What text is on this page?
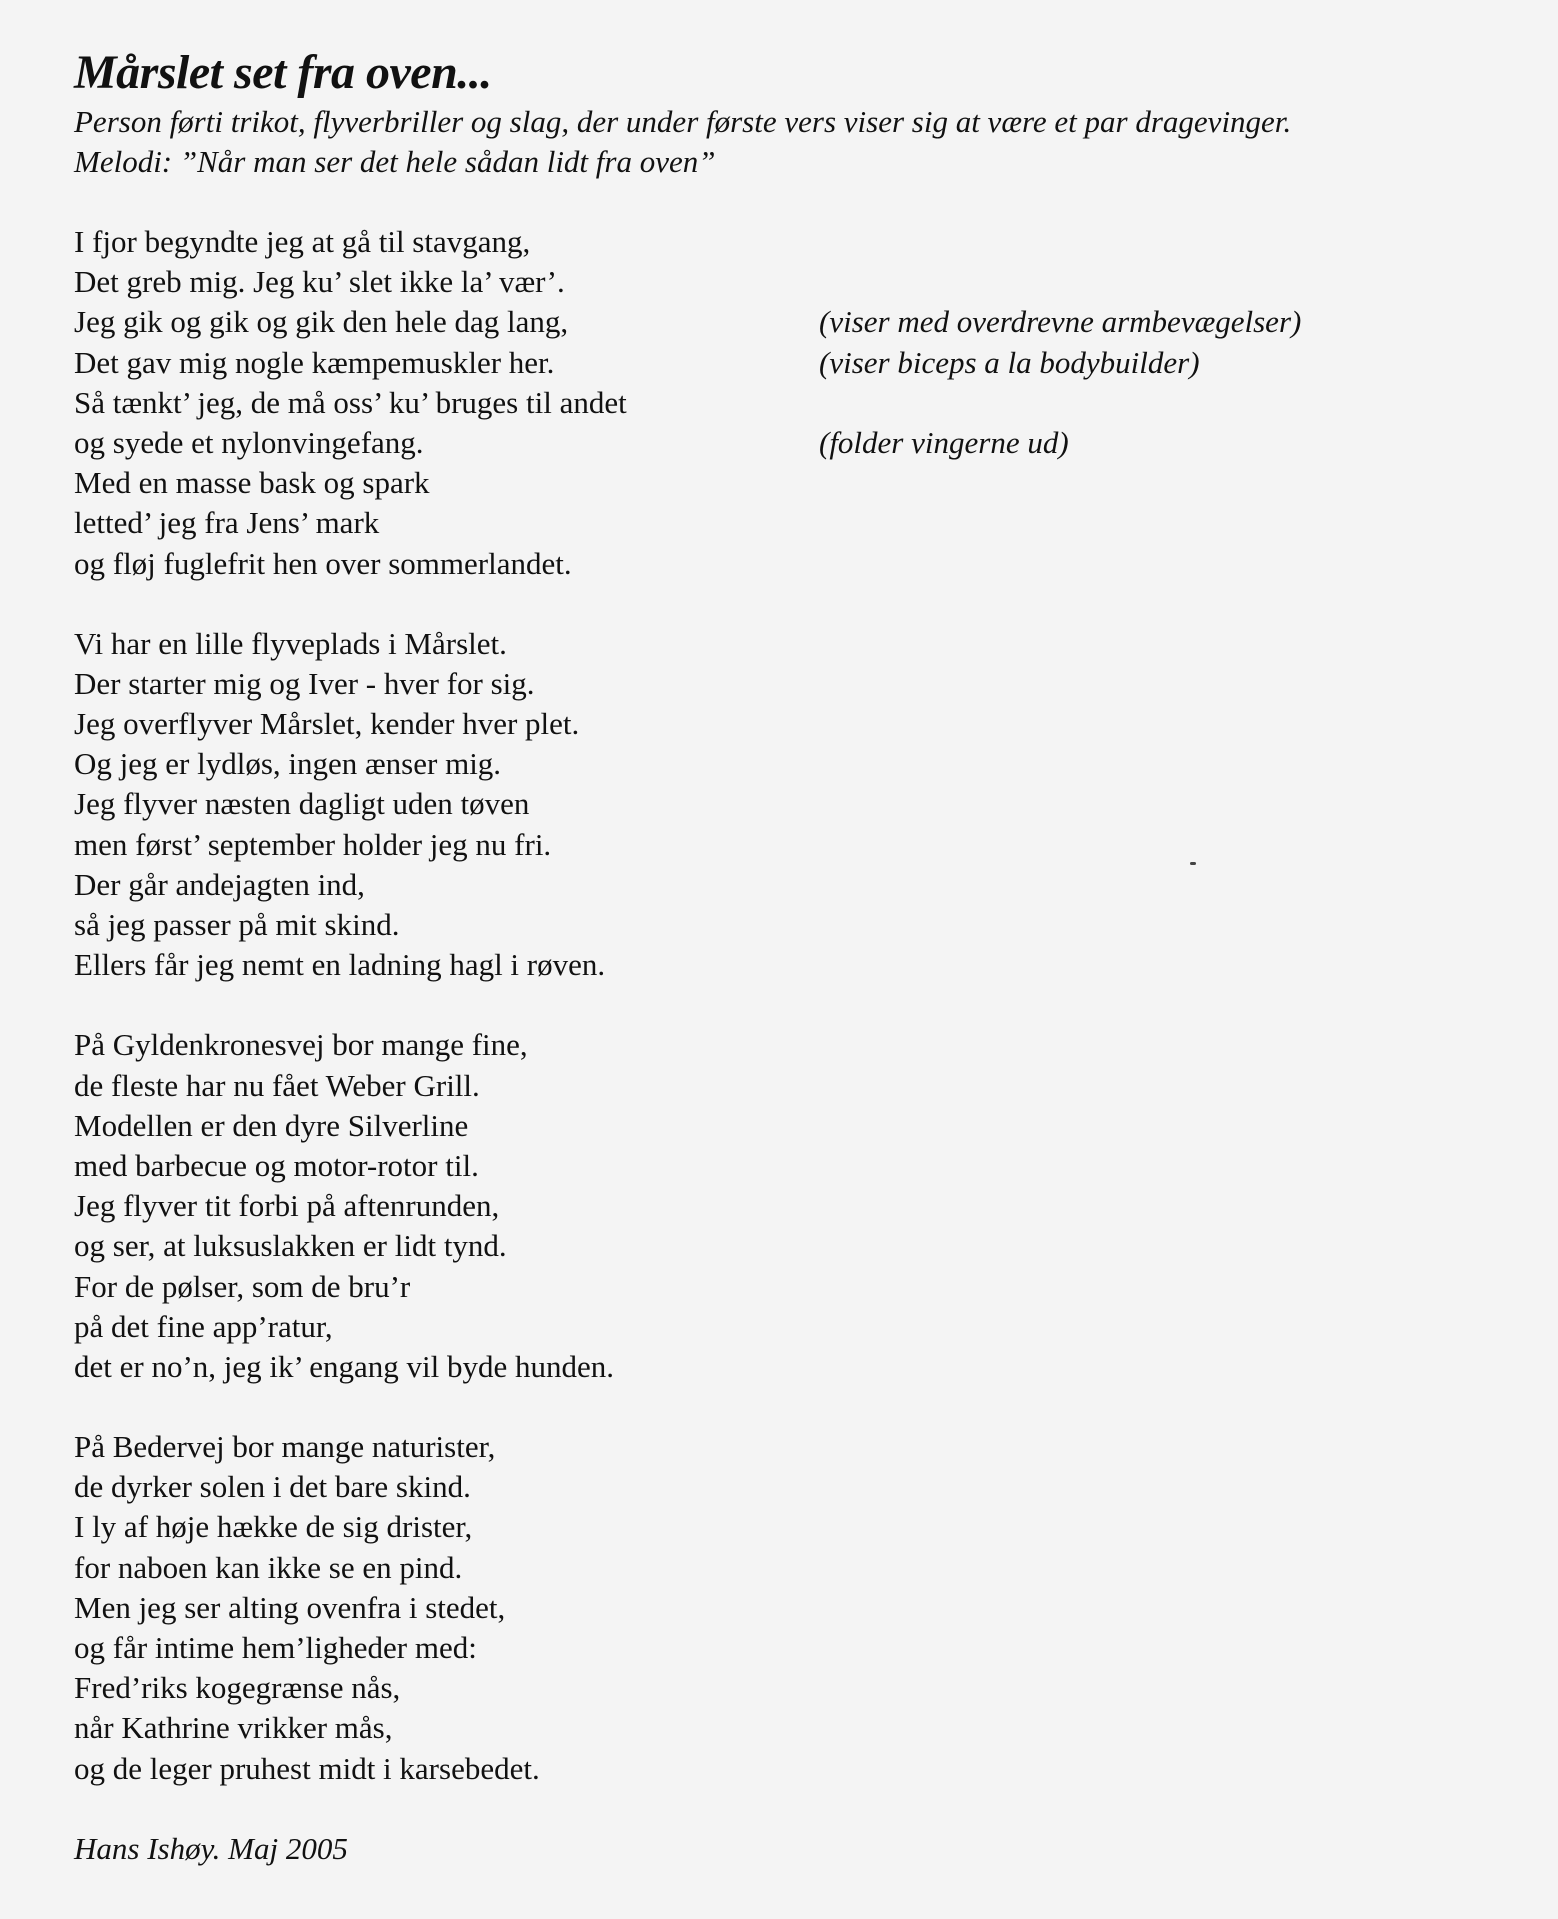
Mårslet set fra oven...

Person førti trikot, flyverbriller og slag, der under første vers viser sig at være et par dragevinger.

Melodi: ”Når man ser det hele sådan lidt fra oven”

I fjor begyndte jeg at gå til stavgang,
Det greb mig. Jeg ku’ slet ikke la’ vær’.
Jeg gik og gik og gik den hele dag lang,	(viser med overdrevne armbevægelser)
Det gav mig nogle kæmpemuskler her.	(viser biceps a la bodybuilder)
Så tænkt’ jeg, de må oss’ ku’ bruges til andet
og syede et nylonvingefang.	(folder vingerne ud)
Med en masse bask og spark
letted’ jeg fra Jens’ mark
og fløj fuglefrit hen over sommerlandet.
Vi har en lille flyveplads i Mårslet.
Der starter mig og Iver - hver for sig.
Jeg overflyver Mårslet, kender hver plet.
Og jeg er lydløs, ingen ænser mig.
Jeg flyver næsten dagligt uden tøven
men først’ september holder jeg nu fri.
Der går andejagten ind,
så jeg passer på mit skind.
Ellers får jeg nemt en ladning hagl i røven.
På Gyldenkronesvej bor mange fine,
de fleste har nu fået Weber Grill.
Modellen er den dyre Silverline
med barbecue og motor-rotor til.
Jeg flyver tit forbi på aftenrunden,
og ser, at luksuslakken er lidt tynd.
For de pølser, som de bru’r
på det fine app’ratur,
det er no’n, jeg ik’ engang vil byde hunden.
På Bedervej bor mange naturister,
de dyrker solen i det bare skind.
I ly af høje hække de sig drister,
for naboen kan ikke se en pind.
Men jeg ser alting ovenfra i stedet,
og får intime hem’ligheder med:
Fred’riks kogegrænse nås,
når Kathrine vrikker mås,
og de leger pruhest midt i karsebedet.
Hans Ishøy. Maj 2005
